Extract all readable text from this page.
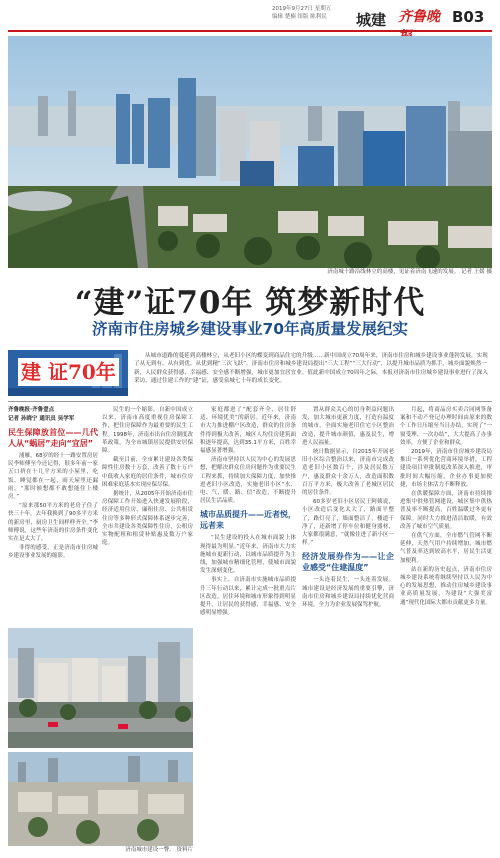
2019年9月27日 星期五
编辑 楚楠 组版 陈利民	城建 齐鲁晚 B03
济南城十路沿线林立的高楼，见证着济南飞速的发展。 记者 王媛 摄
“建”证70年 筑梦新时代
济南市住房城乡建设事业70年高质量发展纪实
建 证70年
从城市道路的蔓延到高楼林立，从老旧小区的蝶变到商品住宅的升级……新中国成立70周年来，济南市住房和城乡建设事业蓬勃发展，实现了从无到有、从有到优、从优到精“三次飞跃”。济南市住房和城乡建设局提出“三大工程”“三大行动”，以提升城市品质为抓手，城乡面貌焕然一新，人民群众获得感、幸福感、安全感不断增强，城市更加宜居宜业。值此新中国成立70周年之际，本报对济南市住房城乡建设事业进行了深入采访，通过住建工作的“建”证，感受泉城七十年的成长变化。
齐鲁晚报·齐鲁壹点
记者 孙晓宁 通讯员 吴学军
民生保障放首位——几代人从“蜗居”走向“宜居”

浦雁，68岁的经十一路安置房居民李师傅至今还记得，很多年前一家五口挤在十几平方米的小屋里，吃饭、睡觉都在一起，雨天屋里还漏雨。“那时候想都不敢想能住上楼房。”

“原来那50平方米的老房子住了快三十年，去年我换到了90多平方米的新房里，厨房卫生间样样齐全。”李师傅说，这些年济南的住房条件变化实在是太大了。

非得的感受，正是济南市住房城乡建设事业发展的缩影。

民生的一个缩影。自新中国成立以来，济南市高度重视住房保障工作，把住房保障作为最重要的民生工程。1998年，济南市出台住房制度改革政策，为全市城镇居民提供安居保障。

截至目前，全市累计建设各类保障性住房数十万套，改善了数十万户中低收入家庭的居住条件，城市住房困难家庭基本实现应保尽保。

据统计，从2005年开始济南市住房保障工作开始进入快速发展阶段，经济适用住房、廉租住房、公共租赁住房等多种形式保障体系逐步完善，全市共建设各类保障性住房，公租房实物配租和租赁补贴惠及数万户家庭。

济南城市建设一瞥。 资料片

家庭都进了“配套齐全、居住舒适、环境优美”的新居。近年来，济南市大力推进棚户区改造，群众的住房条件得到极大改善，城区人均住房建筑面积逐年提高，达到35.1平方米，百姓幸福感显著增强。

济南市坚持以人民为中心的发展思想，把解决群众住房问题作为重要民生工程来抓，持续加大保障力度，加快推进老旧小区改造，实施老旧小区“水、电、气、暖、路、信”改造，不断提升居民生活品质。

城市品质提升——近者悦，远者来

“民生建设的投入在城市面貌上体现得最为明显。”近年来，济南市大力实施城市更新行动，以城市品质提升为主线，加强城市精细化管理，使城市面貌发生深刻变化。

事实上，自济南市实施城市品质提升三年行动以来，累计完成一批重点片区改造，居住环境和城市形象得到明显提升，让居民的获得感、幸福感、安全感明显增强。

置从群众关心的切身利益问题出发，加大城市更新力度，打造有温度的城市，全面实施老旧住宅小区整治改造，提升城市颜值，惠及民生，增进人民福祉。

统计数据显示，自2015年开展老旧小区综合整治以来，济南市完成改造老旧小区数百个，涉及居民数万户，惠及群众十余万人，改造面积数百万平方米，极大改善了老城区居民的居住条件。

60多岁老旧小区居民王阿姨说，小区改造后变化太大了，路面平整了，路灯亮了，墙面整洁了，楼道干净了，还新增了停车位和健身器材，大家都很满意，“就像住进了新小区一样。”

经济发展券作为——让企业感受“住建温度”

一头连着民生，一头连着发展。城市建设是经济发展的重要引擎，济南市住房和城乡建设局持续优化营商环境，全力为企业发展保驾护航。

月起，将商品房买卖合同网签备案和不动产登记办理时间由原来的数个工作日压缩至当日办结，实现了“一窗受理、一次办结”，大大提高了办事效率，方便了企业和群众。

2019年，济南市住房城乡建设局推出一系列优化营商环境举措，工程建设项目审批制度改革深入推进，审批时间大幅压缩，企业办事更加便捷，市场主体活力不断释放。

在供暖保障方面，济南市持续推进集中供热管网建设，城区集中供热普及率不断提高，百姓温暖过冬更有保障。同时大力推进清洁取暖，有效改善了城市空气质量。

在供气方面，全市燃气管网不断延伸，天然气用户持续增加，城市燃气普及率达到较高水平，居民生活更加便利。

站在新的历史起点，济南市住房城乡建设系统将继续坚持以人民为中心的发展思想，推动住房城乡建设事业高质量发展，为建设“大强美富通”现代化国际大都市贡献更多力量。
